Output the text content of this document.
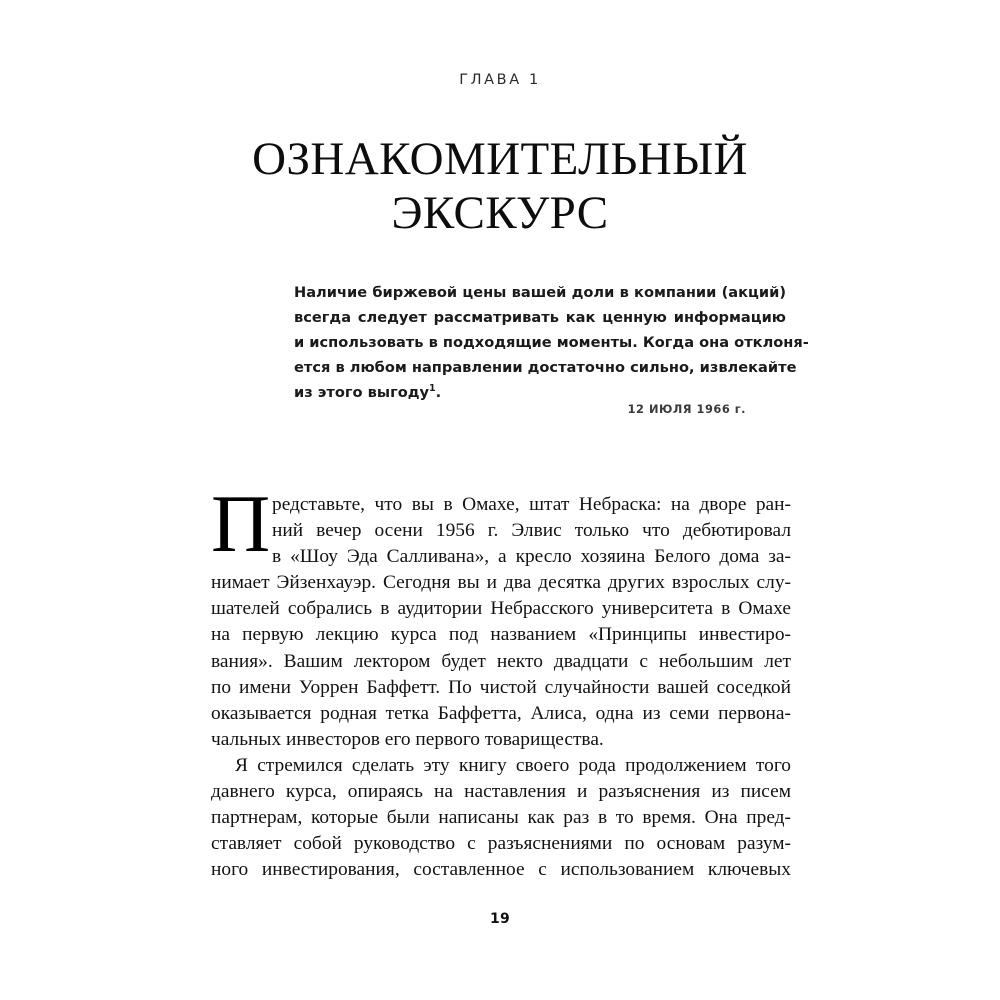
ГЛАВА 1
ОЗНАКОМИТЕЛЬНЫЙ
ЭКСКУРС
Наличие биржевой цены вашей доли в компании (акций)
всегда следует рассматривать как ценную информацию
и использовать в подходящие моменты. Когда она отклоня-
ется в любом направлении достаточно сильно, извлекайте
из этого выгоду$^1$.
12 ИЮЛЯ 1966 г.
П редставьте, что вы в Омахе, штат Небраска: на дворе ран-
ний вечер осени 1956 г. Элвис только что дебютировал
в «Шоу Эда Салливана», а кресло хозяина Белого дома за-
нимает Эйзенхауэр. Сегодня вы и два десятка других взрослых слу-
шателей собрались в аудитории Небрасского университета в Омахе
на первую лекцию курса под названием «Принципы инвестиро-
вания». Вашим лектором будет некто двадцати с небольшим лет
по имени Уоррен Баффетт. По чистой случайности вашей соседкой
оказывается родная тетка Баффетта, Алиса, одна из семи первона-
чальных инвесторов его первого товарищества.

Я стремился сделать эту книгу своего рода продолжением того
давнего курса, опираясь на наставления и разъяснения из писем
партнерам, которые были написаны как раз в то время. Она пред-
ставляет собой руководство с разъяснениями по основам разум-
ного инвестирования, составленное с использованием ключевых

19
